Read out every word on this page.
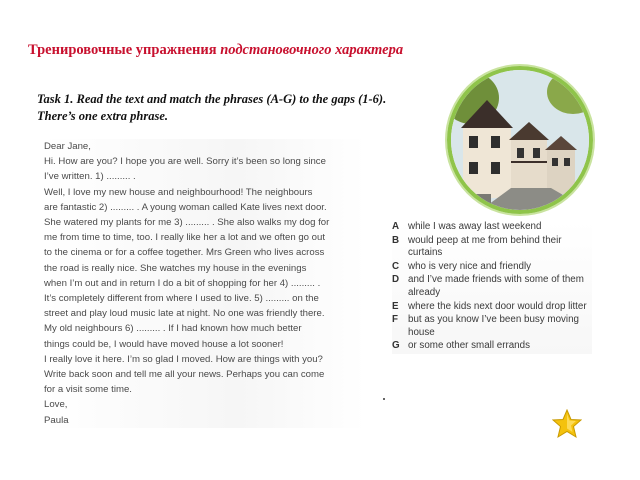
Тренировочные упражнения подстановочного характера
Task 1. Read the text and match the phrases (A-G) to the gaps (1-6).
There’s one extra phrase.

Dear Jane,

Hi. How are you? I hope you are well. Sorry it’s been so long since

I’ve written. 1) ......... .

Well, I love my new house and neighbourhood! The neighbours

are fantastic 2) ......... . A young woman called Kate lives next door.

She watered my plants for me 3) ......... . She also walks my dog for

me from time to time, too. I really like her a lot and we often go out

to the cinema or for a coffee together. Mrs Green who lives across

the road is really nice. She watches my house in the evenings

when I’m out and in return I do a bit of shopping for her 4) ......... .

It’s completely different from where I used to live. 5) ......... on the

street and play loud music late at night. No one was friendly there.

My old neighbours 6) ......... . If I had known how much better

things could be, I would have moved house a lot sooner!

I really love it here. I’m so glad I moved. How are things with you?

Write back soon and tell me all your news. Perhaps you can come

for a visit some time.

Love,

Paula

A while I was away last weekend
B would peep at me from behind their curtains
C who is very nice and friendly
D and I’ve made friends with some of them already
E where the kids next door would drop litter
F	but as you know I’ve been busy moving house
G or some other small errands
